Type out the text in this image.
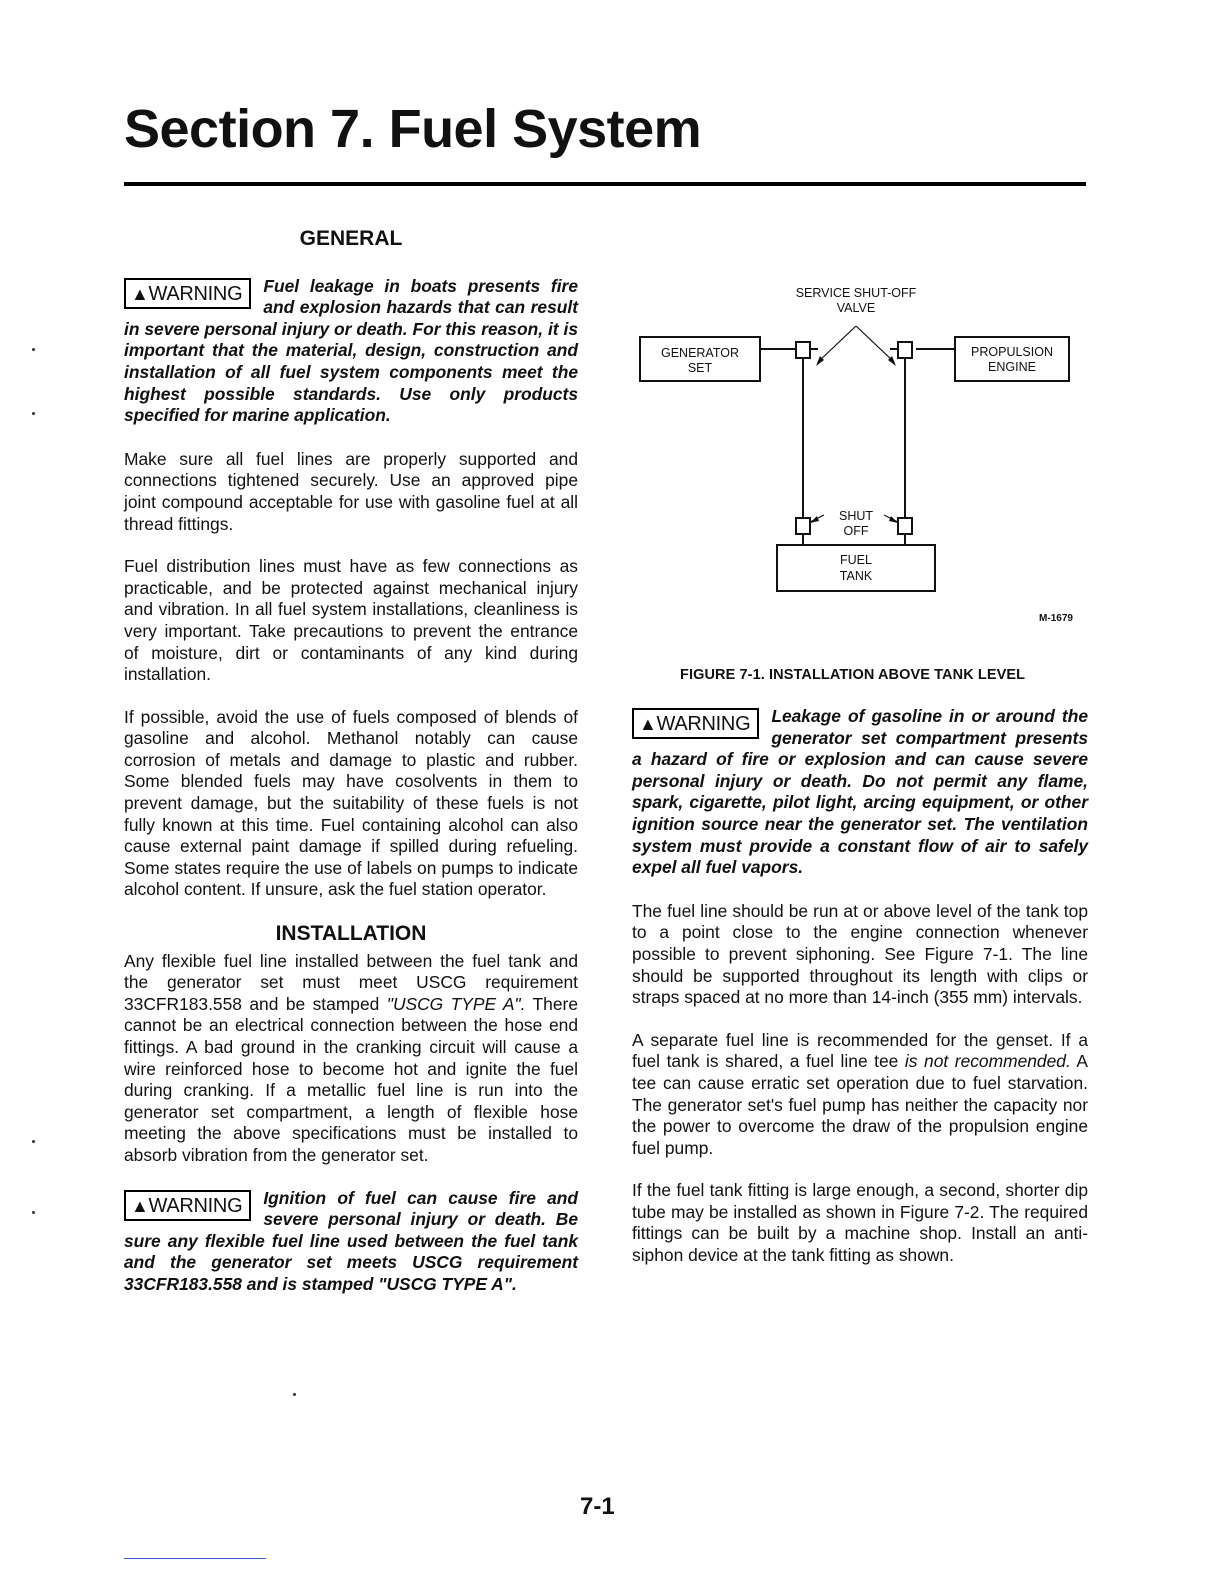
Section 7. Fuel System
GENERAL
▲WARNING	Fuel leakage in boats presents fire and explosion hazards that can result in severe personal injury or death. For this reason, it is important that the material, design, construction and installation of all fuel system components meet the highest possible standards. Use only products specified for marine application.

Make sure all fuel lines are properly supported and connections tightened securely. Use an approved pipe joint compound acceptable for use with gasoline fuel at all thread fittings.

Fuel distribution lines must have as few connections as practicable, and be protected against mechanical injury and vibration. In all fuel system installations, cleanliness is very important. Take precautions to prevent the entrance of moisture, dirt or contaminants of any kind during installation.

If possible, avoid the use of fuels composed of blends of gasoline and alcohol. Methanol notably can cause corrosion of metals and damage to plastic and rubber. Some blended fuels may have cosolvents in them to prevent damage, but the suitability of these fuels is not fully known at this time. Fuel containing alcohol can also cause external paint damage if spilled during refueling. Some states require the use of labels on pumps to indicate alcohol content. If unsure, ask the fuel station operator.

INSTALLATION

Any flexible fuel line installed between the fuel tank and the generator set must meet USCG requirement 33CFR183.558 and be stamped "USCG TYPE A". There cannot be an electrical connection between the hose end fittings. A bad ground in the cranking circuit will cause a wire reinforced hose to become hot and ignite the fuel during cranking. If a metallic fuel line is run into the generator set compartment, a length of flexible hose meeting the above specifications must be installed to absorb vibration from the generator set.

▲WARNING	Ignition of fuel can cause fire and severe personal injury or death. Be sure any flexible fuel line used between the fuel tank and the generator set meets USCG requirement 33CFR183.558 and is stamped "USCG TYPE A".
SERVICE SHUT-OFF
VALVE
GENERATOR
SET
PROPULSION
ENGINE
SHUT
OFF
FUEL
TANK
M-1679

FIGURE 7-1. INSTALLATION ABOVE TANK LEVEL

▲WARNING	Leakage of gasoline in or around the generator set compartment presents a hazard of fire or explosion and can cause severe personal injury or death. Do not permit any flame, spark, cigarette, pilot light, arcing equipment, or other ignition source near the generator set. The ventilation system must provide a constant flow of air to safely expel all fuel vapors.

The fuel line should be run at or above level of the tank top to a point close to the engine connection whenever possible to prevent siphoning. See Figure 7-1. The line should be supported throughout its length with clips or straps spaced at no more than 14-inch (355 mm) intervals.

A separate fuel line is recommended for the genset. If a fuel tank is shared, a fuel line tee is not recommended. A tee can cause erratic set operation due to fuel starvation. The generator set's fuel pump has neither the capacity nor the power to overcome the draw of the propulsion engine fuel pump.

If the fuel tank fitting is large enough, a second, shorter dip tube may be installed as shown in Figure 7-2. The required fittings can be built by a machine shop. Install an anti-siphon device at the tank fitting as shown.

7-1
